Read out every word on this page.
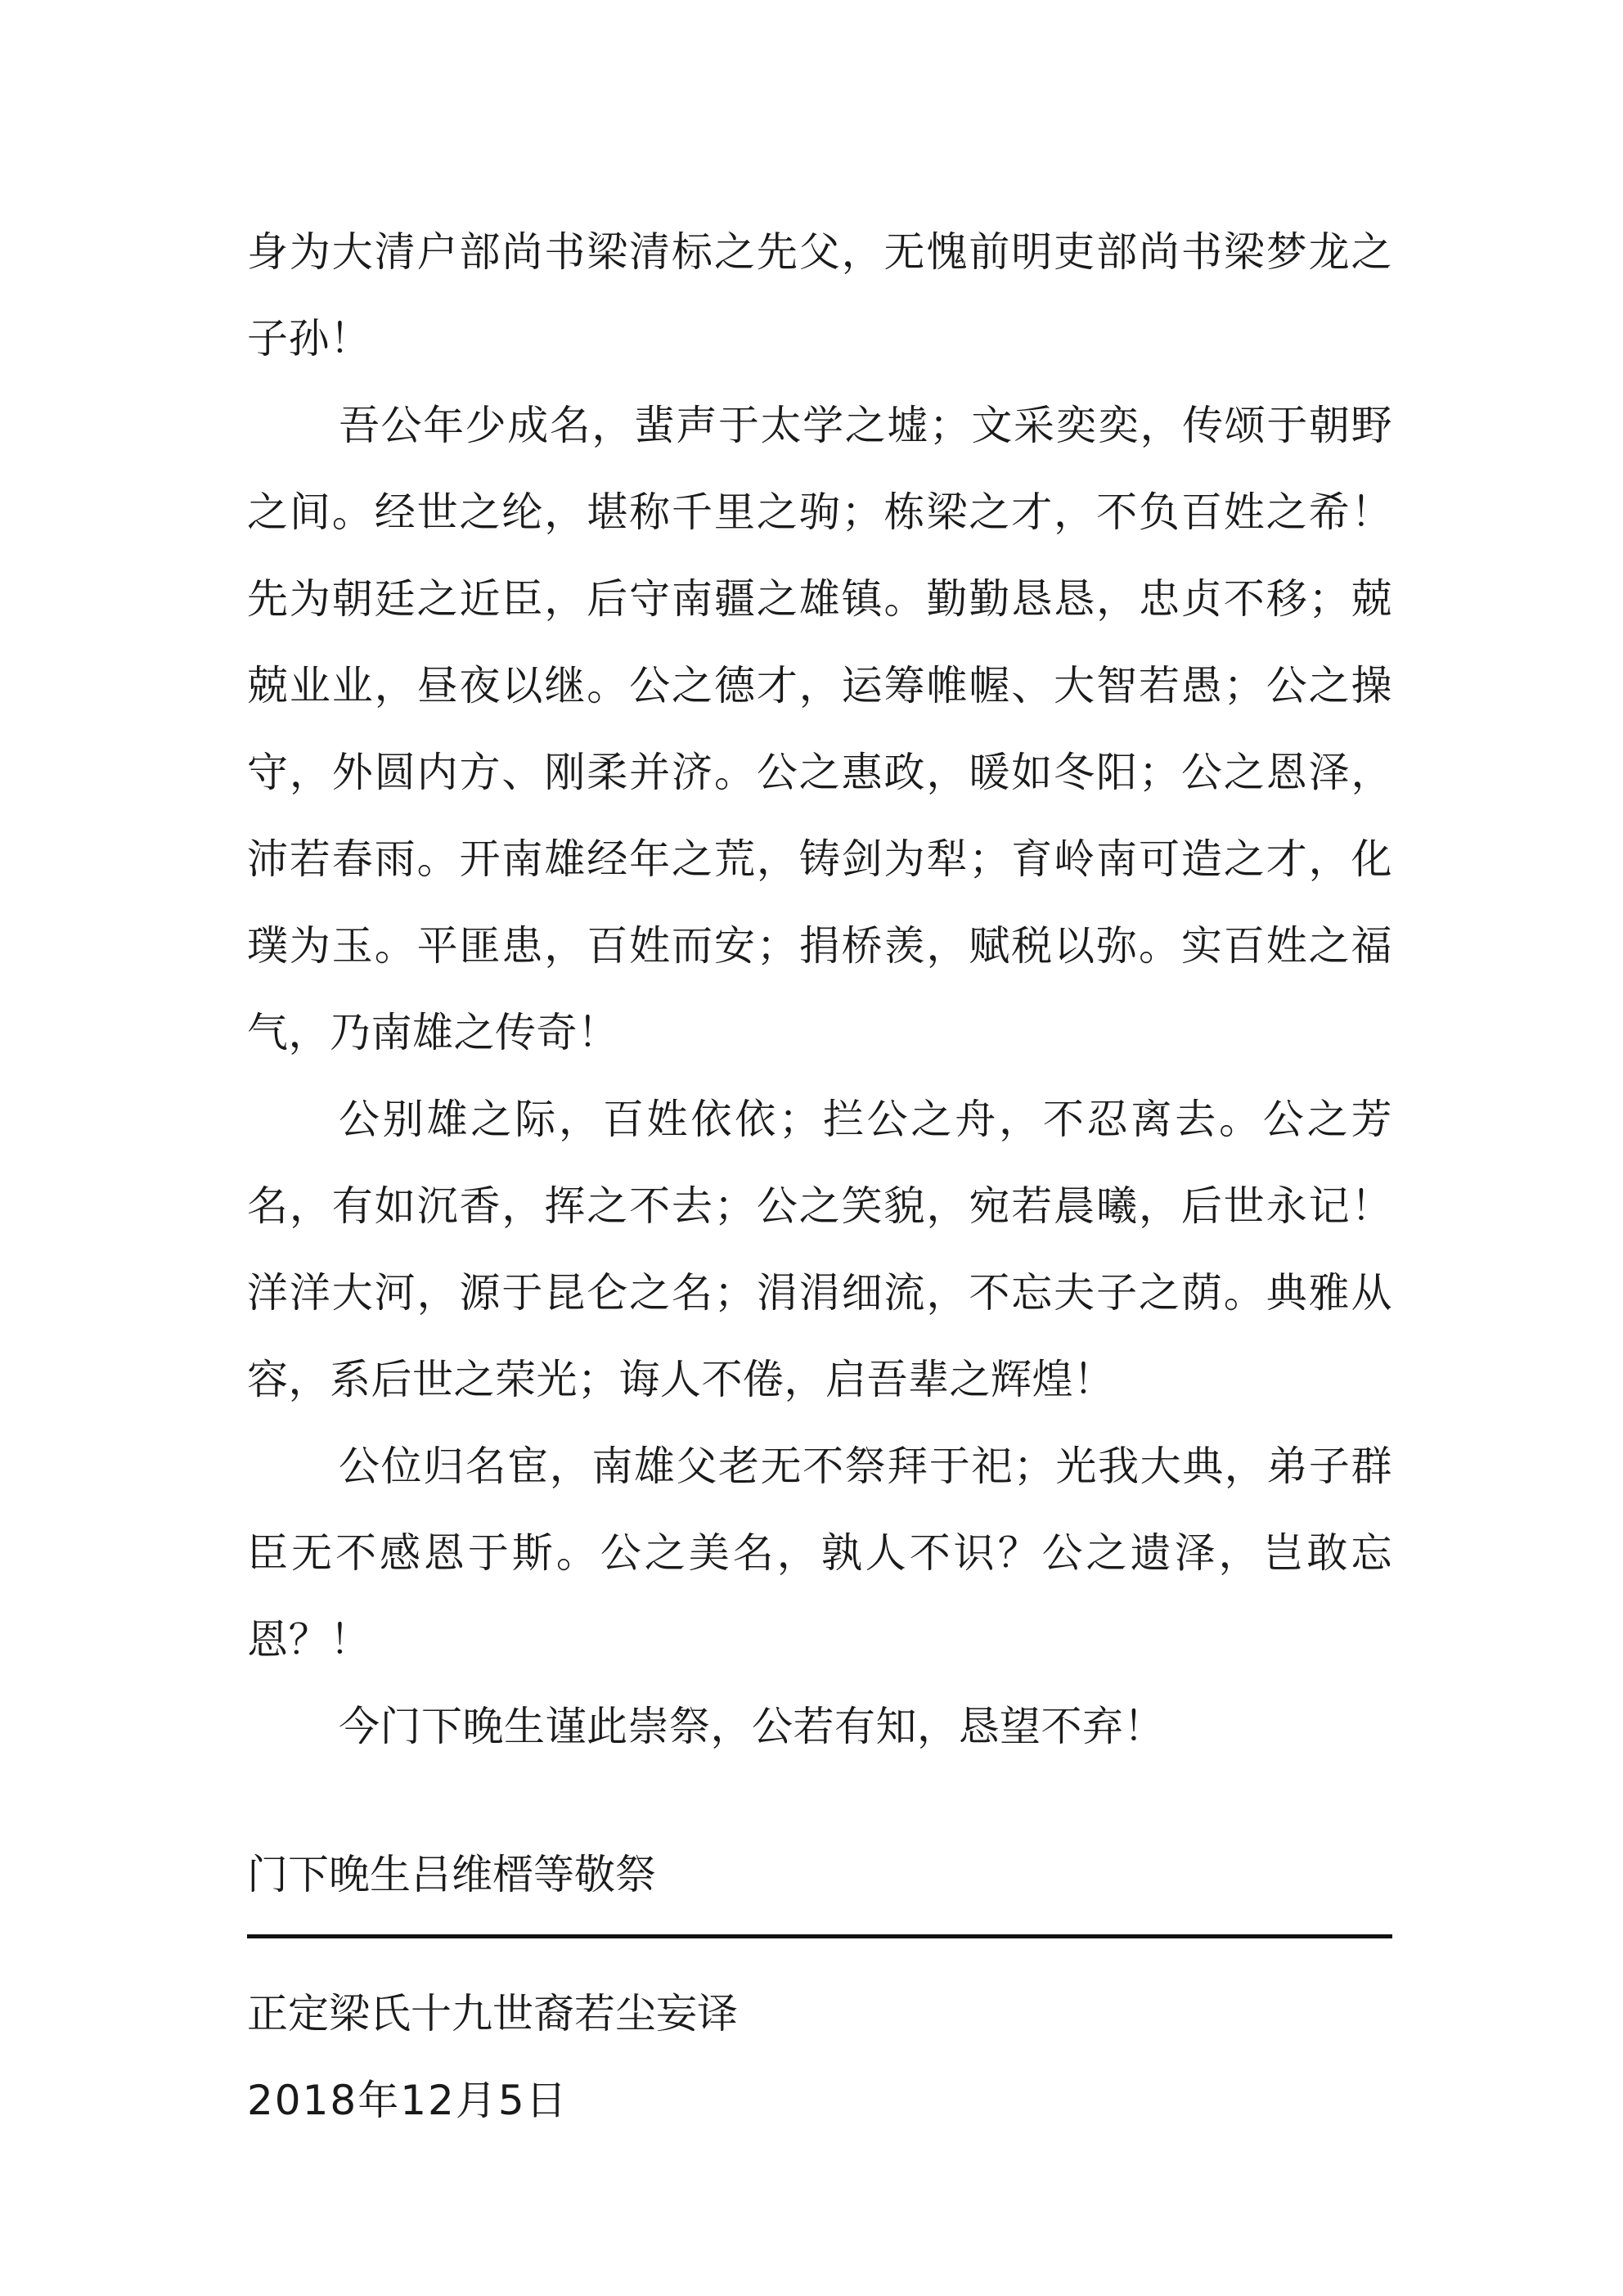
身为大清户部尚书梁清标之先父，无愧前明吏部尚书梁梦龙之子孙！

吾公年少成名，蜚声于太学之墟；文采奕奕，传颂于朝野之间。经世之纶，堪称千里之驹；栋梁之才，不负百姓之希！先为朝廷之近臣，后守南疆之雄镇。勤勤恳恳，忠贞不移；兢兢业业，昼夜以继。公之德才，运筹帷幄、大智若愚；公之操守，外圆内方、刚柔并济。公之惠政，暖如冬阳；公之恩泽，沛若春雨。开南雄经年之荒，铸剑为犁；育岭南可造之才，化璞为玉。平匪患，百姓而安；捐桥羡，赋税以弥。实百姓之福气，乃南雄之传奇！

公别雄之际，百姓依依；拦公之舟，不忍离去。公之芳名，有如沉香，挥之不去；公之笑貌，宛若晨曦，后世永记！洋洋大河，源于昆仑之名；涓涓细流，不忘夫子之荫。典雅从容，系后世之荣光；诲人不倦，启吾辈之辉煌！

公位归名宦，南雄父老无不祭拜于祀；光我大典，弟子群臣无不感恩于斯。公之美名，孰人不识？公之遗泽，岂敢忘恩？！

今门下晚生谨此崇祭，公若有知，恳望不弃！

门下晚生吕维榗等敬祭
正定梁氏十九世裔若尘妄译
2018年12月5日
